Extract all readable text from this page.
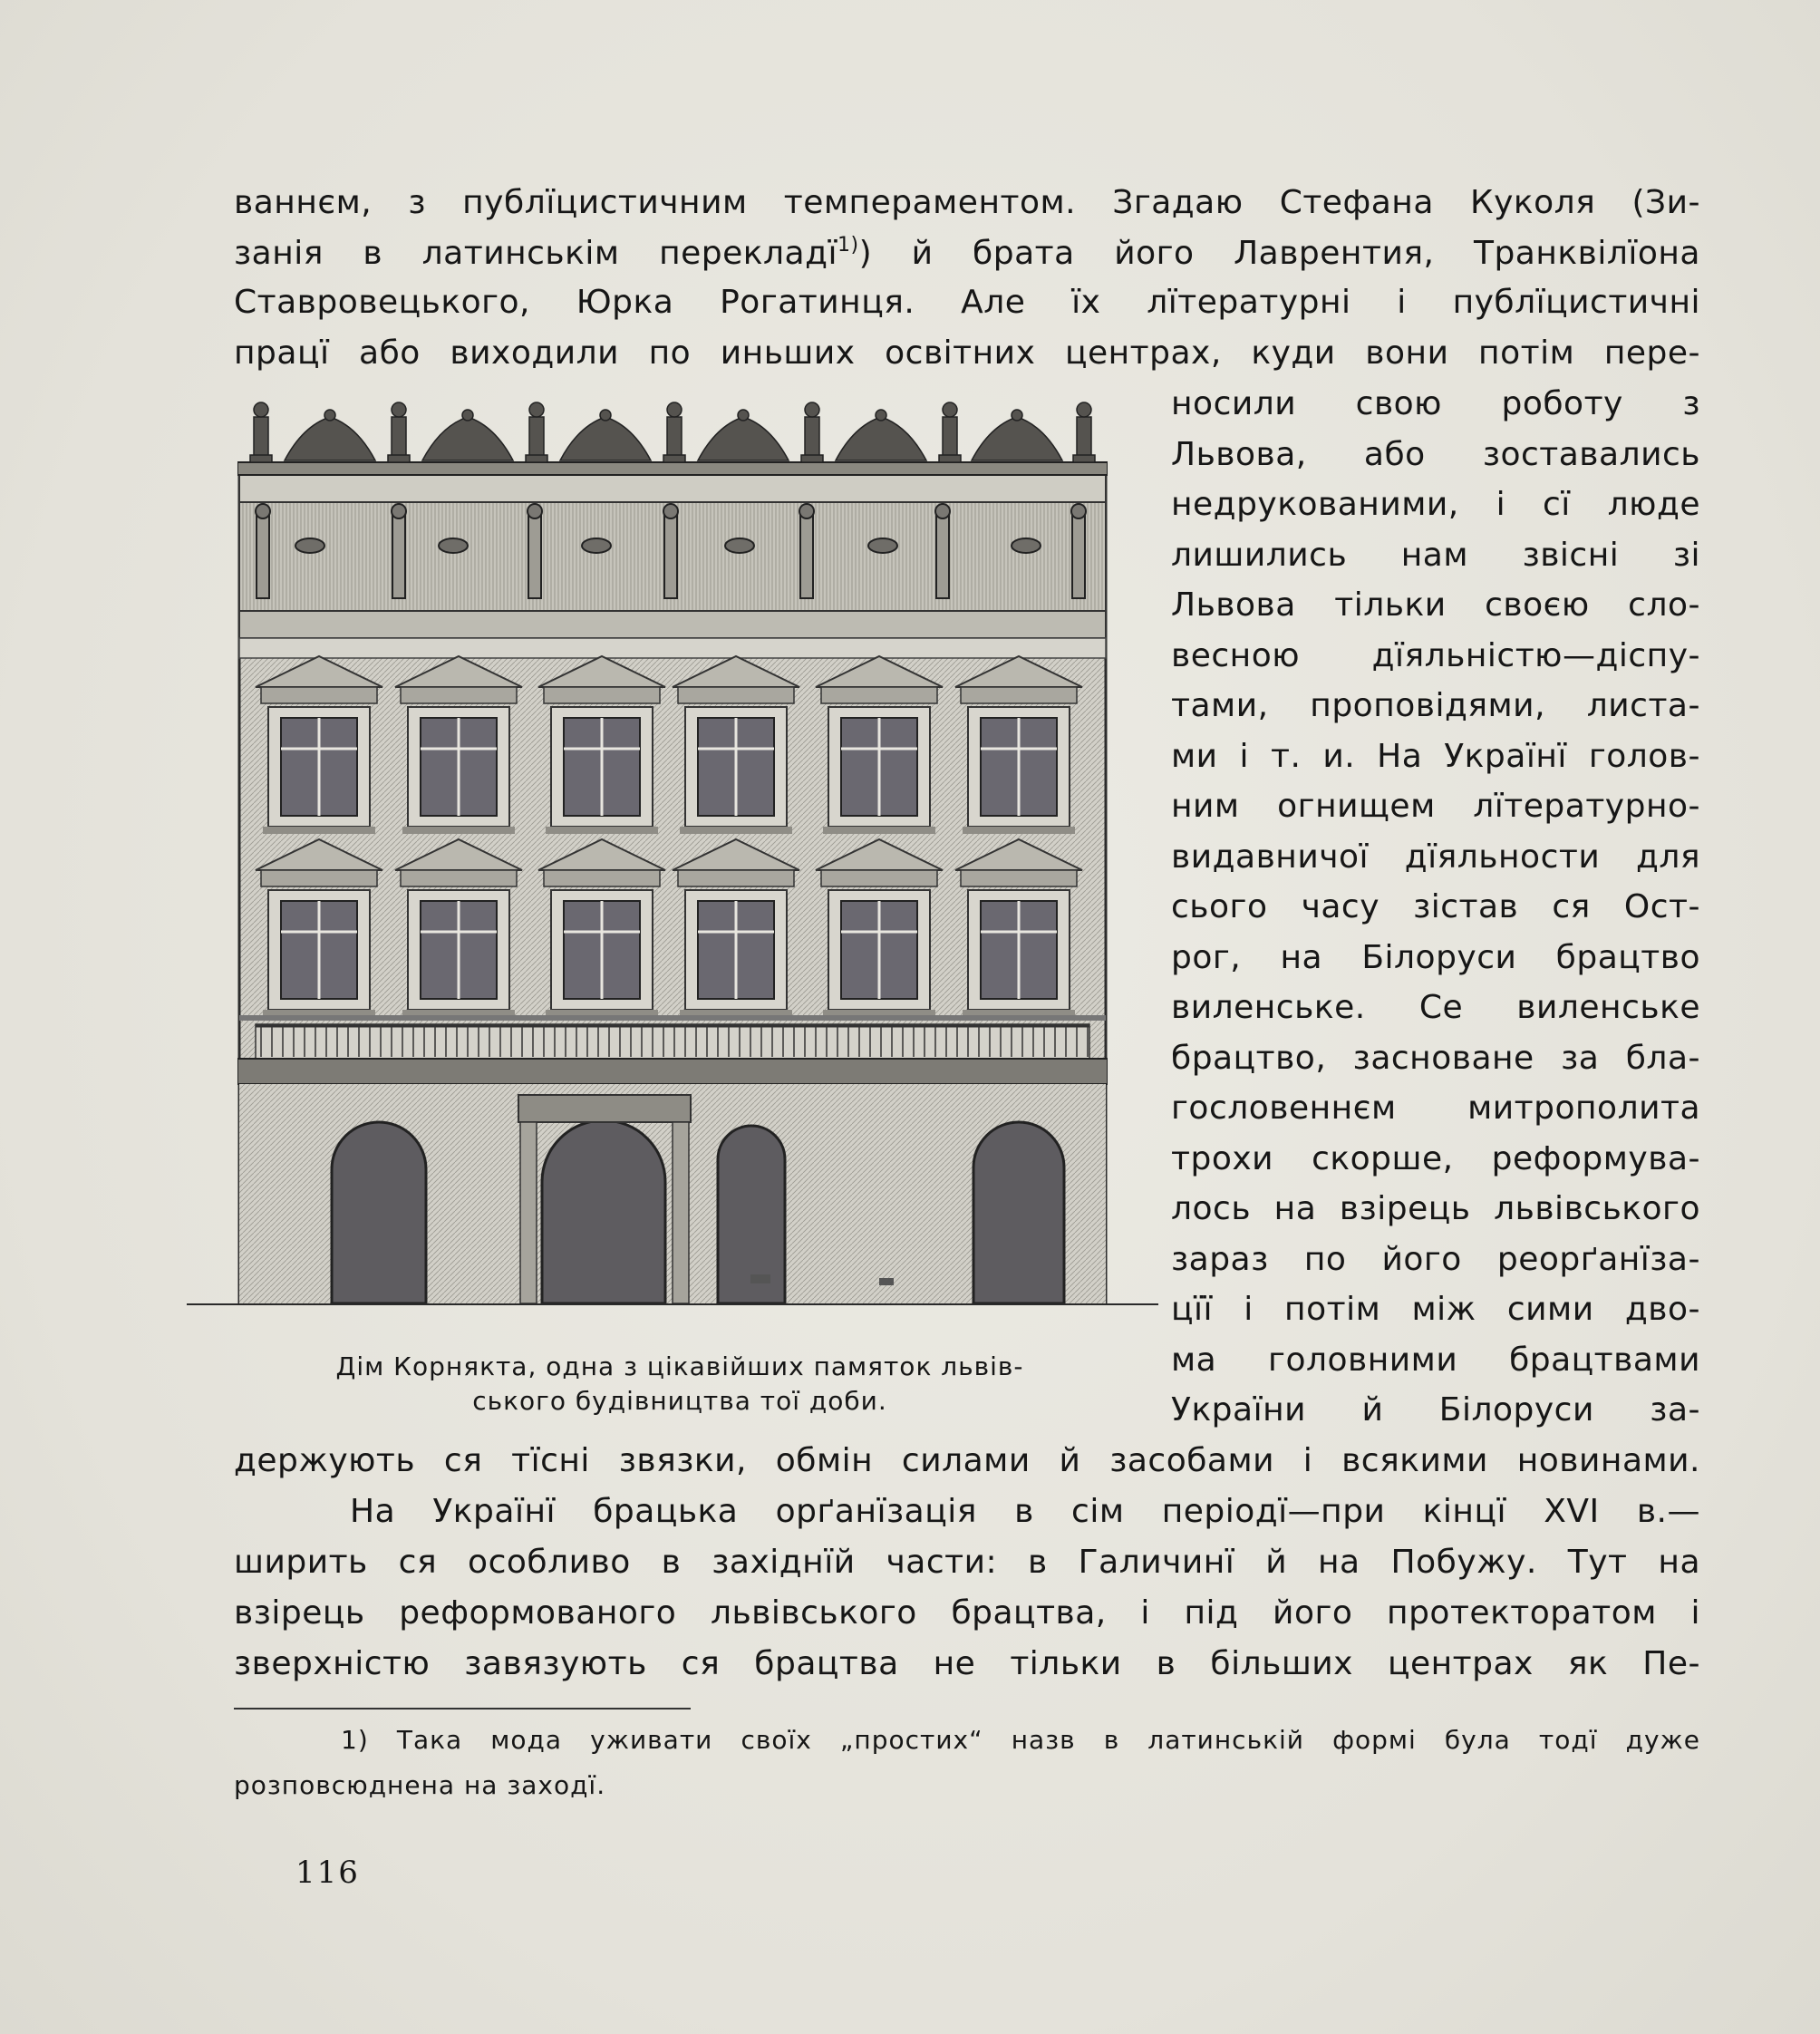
ваннєм, з публїцистичним темпераментом. Згадаю Стефана Куколя (Зи-
занія в латинськім перекладї$^{1)}$) й брата його Лаврентия, Транквілїона
Ставровецького, Юрка Рогатинця. Але їх лїтературні і публїцистичні
працї або виходили по иньших освітних центрах, куди вони потім пере-
носили свою роботу з
Львова, або зоставались
недрукованими, і сї люде
лишились нам звісні зі
Львова тільки своєю сло-
весною дїяльністю—діспу-
тами, проповідями, листа-
ми і т. и. На Українї голов-
ним огнищем лїтературно-
видавничої дїяльности для
сього часу зістав ся Ост-
рог, на Білоруси брацтво
виленське. Се виленське
брацтво, засноване за бла-
гословеннєм митрополита
трохи скорше, реформува-
лось на взірець львівського
зараз по його реорґанїза-
цїї і потім між сими дво-
ма головними брацтвами
України й Білоруси за-
Дім Корнякта, одна з цікавійших памяток львів-
ського будівництва тої доби.
держують ся тїсні звязки, обмін силами й засобами і всякими новинами.
На Українї брацька орґанїзація в сім періодї—при кінцї XVI в.—
ширить ся особливо в західнїй части: в Галичинї й на Побужу. Тут на
взірець реформованого львівського брацтва, і під його протекторатом і
зверхністю завязують ся брацтва не тільки в більших центрах як Пе-
1) Така мода уживати своїх „простих“ назв в латинській формі була тодї дуже
розповсюднена на заходї.
116
